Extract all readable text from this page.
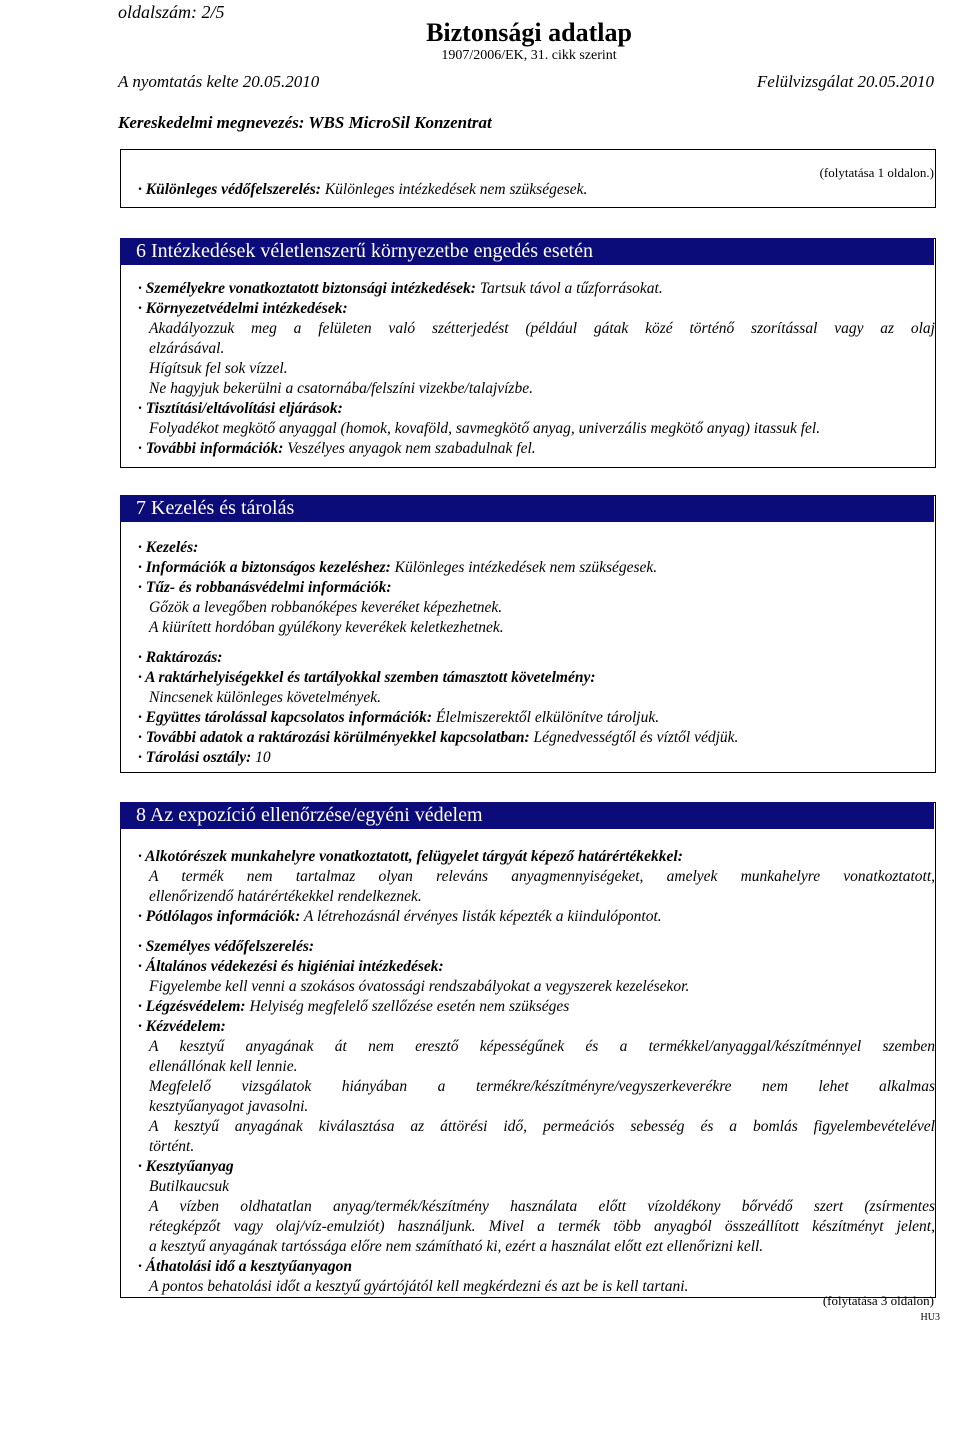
oldalszám: 2/5
Biztonsági adatlap
1907/2006/EK, 31. cikk szerint
A nyomtatás kelte 20.05.2010	Felülvizsgálat 20.05.2010
Kereskedelmi megnevezés: WBS MicroSil Konzentrat
(folytatása 1 oldalon.)
· Különleges védőfelszerelés: Különleges intézkedések nem szükségesek.
6 Intézkedések véletlenszerű környezetbe engedés esetén
· Személyekre vonatkoztatott biztonsági intézkedések: Tartsuk távol a tűzforrásokat.
· Környezetvédelmi intézkedések:
Akadályozzuk meg a felületen való szétterjedést (például gátak közé történő szorítással vagy az olaj
elzárásával.
Hígítsuk fel sok vízzel.
Ne hagyjuk bekerülni a csatornába/felszíni vizekbe/talajvízbe.
· Tisztítási/eltávolítási eljárások:
Folyadékot megkötő anyaggal (homok, kovaföld, savmegkötő anyag, univerzális megkötő anyag) itassuk fel.
· További információk: Veszélyes anyagok nem szabadulnak fel.
7 Kezelés és tárolás
· Kezelés:
· Információk a biztonságos kezeléshez: Különleges intézkedések nem szükségesek.
· Tűz- és robbanásvédelmi információk:
Gőzök a levegőben robbanóképes keveréket képezhetnek.
A kiürített hordóban gyúlékony keverékek keletkezhetnek.
· Raktározás:
· A raktárhelyiségekkel és tartályokkal szemben támasztott követelmény:
Nincsenek különleges követelmények.
· Együttes tárolással kapcsolatos információk: Élelmiszerektől elkülönítve tároljuk.
· További adatok a raktározási körülményekkel kapcsolatban: Légnedvességtől és víztől védjük.
· Tárolási osztály: 10
8 Az expozíció ellenőrzése/egyéni védelem
· Alkotórészek munkahelyre vonatkoztatott, felügyelet tárgyát képező határértékekkel:
A termék nem tartalmaz olyan releváns anyagmennyiségeket, amelyek munkahelyre vonatkoztatott,
ellenőrizendő határértékekkel rendelkeznek.
· Pótlólagos információk: A létrehozásnál érvényes listák képezték a kiindulópontot.
· Személyes védőfelszerelés:
· Általános védekezési és higiéniai intézkedések:
Figyelembe kell venni a szokásos óvatossági rendszabályokat a vegyszerek kezelésekor.
· Légzésvédelem: Helyiség megfelelő szellőzése esetén nem szükséges
· Kézvédelem:
A kesztyű anyagának át nem eresztő képességűnek és a termékkel/anyaggal/készítménnyel szemben
ellenállónak kell lennie.
Megfelelő vizsgálatok hiányában a termékre/készítményre/vegyszerkeverékre nem lehet alkalmas
kesztyűanyagot javasolni.
A kesztyű anyagának kiválasztása az áttörési idő, permeációs sebesség és a bomlás figyelembevételével
történt.
· Kesztyűanyag
Butilkaucsuk
A vízben oldhatatlan anyag/termék/készítmény használata előtt vízoldékony bőrvédő szert (zsírmentes
rétegképzőt vagy olaj/víz-emulziót) használjunk. Mivel a termék több anyagból összeállított készítményt jelent,
a kesztyű anyagának tartóssága előre nem számítható ki, ezért a használat előtt ezt ellenőrizni kell.
· Áthatolási idő a kesztyűanyagon
A pontos behatolási időt a kesztyű gyártójától kell megkérdezni és azt be is kell tartani.
(folytatása 3 oldalon)
HU3
